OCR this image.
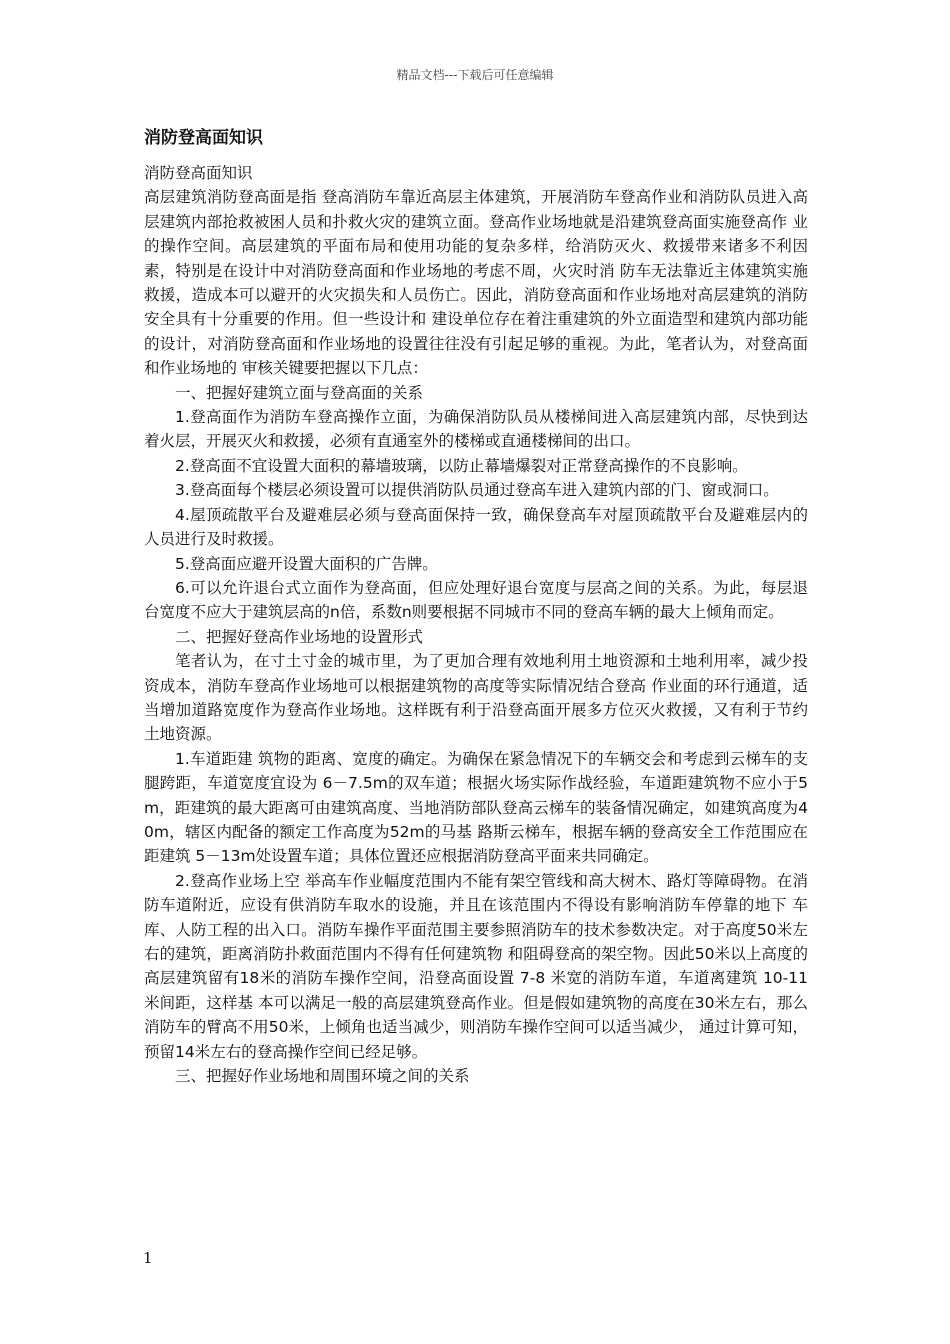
精品文档---下载后可任意编辑
消防登高面知识

消防登高面知识

高层建筑消防登高面是指 登高消防车靠近高层主体建筑，开展消防车登高作业和消防队员进入高层建筑内部抢救被困人员和扑救火灾的建筑立面。登高作业场地就是沿建筑登高面实施登高作 业的操作空间。高层建筑的平面布局和使用功能的复杂多样，给消防灭火、救援带来诸多不利因素，特别是在设计中对消防登高面和作业场地的考虑不周，火灾时消 防车无法靠近主体建筑实施救援，造成本可以避开的火灾损失和人员伤亡。因此，消防登高面和作业场地对高层建筑的消防安全具有十分重要的作用。但一些设计和 建设单位存在着注重建筑的外立面造型和建筑内部功能的设计，对消防登高面和作业场地的设置往往没有引起足够的重视。为此，笔者认为，对登高面和作业场地的 审核关键要把握以下几点：

一、把握好建筑立面与登高面的关系

1.登高面作为消防车登高操作立面，为确保消防队员从楼梯间进入高层建筑内部，尽快到达着火层，开展灭火和救援，必须有直通室外的楼梯或直通楼梯间的出口。

2.登高面不宜设置大面积的幕墙玻璃，以防止幕墙爆裂对正常登高操作的不良影响。

3.登高面每个楼层必须设置可以提供消防队员通过登高车进入建筑内部的门、窗或洞口。

4.屋顶疏散平台及避难层必须与登高面保持一致，确保登高车对屋顶疏散平台及避难层内的人员进行及时救援。

5.登高面应避开设置大面积的广告牌。

6.可以允许退台式立面作为登高面，但应处理好退台宽度与层高之间的关系。为此，每层退台宽度不应大于建筑层高的n倍，系数n则要根据不同城市不同的登高车辆的最大上倾角而定。

二、把握好登高作业场地的设置形式

笔者认为，在寸土寸金的城市里，为了更加合理有效地利用土地资源和土地利用率，减少投资成本，消防车登高作业场地可以根据建筑物的高度等实际情况结合登高 作业面的环行通道，适当增加道路宽度作为登高作业场地。这样既有利于沿登高面开展多方位灭火救援，又有利于节约土地资源。

1.车道距建 筑物的距离、宽度的确定。为确保在紧急情况下的车辆交会和考虑到云梯车的支腿跨距，车道宽度宜设为 6－7.5m的双车道；根据火场实际作战经验，车道距建筑物不应小于5m，距建筑的最大距离可由建筑高度、当地消防部队登高云梯车的装备情况确定，如建筑高度为40m，辖区内配备的额定工作高度为52m的马基 路斯云梯车，根据车辆的登高安全工作范围应在距建筑 5－13m处设置车道；具体位置还应根据消防登高平面来共同确定。

2.登高作业场上空 举高车作业幅度范围内不能有架空管线和高大树木、路灯等障碍物。在消防车道附近，应设有供消防车取水的设施，并且在该范围内不得设有影响消防车停靠的地下 车库、人防工程的出入口。消防车操作平面范围主要参照消防车的技术参数决定。对于高度50米左右的建筑，距离消防扑救面范围内不得有任何建筑物 和阻碍登高的架空物。因此50米以上高度的高层建筑留有18米的消防车操作空间，沿登高面设置 7-8 米宽的消防车道，车道离建筑 10-11 米间距，这样基 本可以满足一般的高层建筑登高作业。但是假如建筑物的高度在30米左右，那么消防车的臂高不用50米，上倾角也适当减少，则消防车操作空间可以适当减少， 通过计算可知，预留14米左右的登高操作空间已经足够。

三、把握好作业场地和周围环境之间的关系

1
